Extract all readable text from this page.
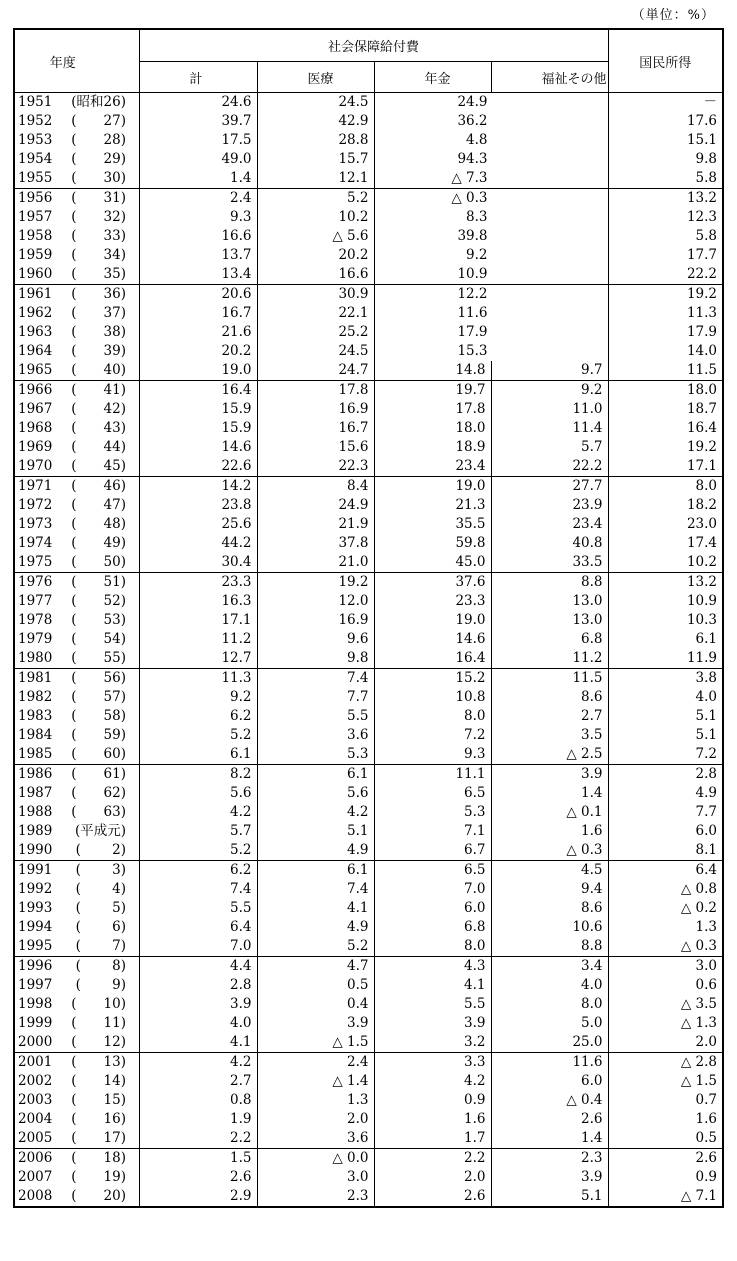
（単位：%）
年度	社会保障給付費				国民所得
	計	医療	年金	福祉その他	
1951 (昭和26)	24.6	24.5	24.9		－
1952 (　　27)	39.7	42.9	36.2		17.6
1953 (　　28)	17.5	28.8	4.8		15.1
1954 (　　29)	49.0	15.7	94.3		9.8
1955 (　　30)	1.4	12.1	△ 7.3		5.8
1956 (　　31)	2.4	5.2	△ 0.3		13.2
1957 (　　32)	9.3	10.2	8.3		12.3
1958 (　　33)	16.6	△ 5.6	39.8		5.8
1959 (　　34)	13.7	20.2	9.2		17.7
1960 (　　35)	13.4	16.6	10.9		22.2
1961 (　　36)	20.6	30.9	12.2		19.2
1962 (　　37)	16.7	22.1	11.6		11.3
1963 (　　38)	21.6	25.2	17.9		17.9
1964 (　　39)	20.2	24.5	15.3		14.0
1965 (　　40)	19.0	24.7	14.8	9.7	11.5
1966 (　　41)	16.4	17.8	19.7	9.2	18.0
1967 (　　42)	15.9	16.9	17.8	11.0	18.7
1968 (　　43)	15.9	16.7	18.0	11.4	16.4
1969 (　　44)	14.6	15.6	18.9	5.7	19.2
1970 (　　45)	22.6	22.3	23.4	22.2	17.1
1971 (　　46)	14.2	8.4	19.0	27.7	8.0
1972 (　　47)	23.8	24.9	21.3	23.9	18.2
1973 (　　48)	25.6	21.9	35.5	23.4	23.0
1974 (　　49)	44.2	37.8	59.8	40.8	17.4
1975 (　　50)	30.4	21.0	45.0	33.5	10.2
1976 (　　51)	23.3	19.2	37.6	8.8	13.2
1977 (　　52)	16.3	12.0	23.3	13.0	10.9
1978 (　　53)	17.1	16.9	19.0	13.0	10.3
1979 (　　54)	11.2	9.6	14.6	6.8	6.1
1980 (　　55)	12.7	9.8	16.4	11.2	11.9
1981 (　　56)	11.3	7.4	15.2	11.5	3.8
1982 (　　57)	9.2	7.7	10.8	8.6	4.0
1983 (　　58)	6.2	5.5	8.0	2.7	5.1
1984 (　　59)	5.2	3.6	7.2	3.5	5.1
1985 (　　60)	6.1	5.3	9.3	△ 2.5	7.2
1986 (　　61)	8.2	6.1	11.1	3.9	2.8
1987 (　　62)	5.6	5.6	6.5	1.4	4.9
1988 (　　63)	4.2	4.2	5.3	△ 0.1	7.7
1989 (平成元)	5.7	5.1	7.1	1.6	6.0
1990 (　　 2)	5.2	4.9	6.7	△ 0.3	8.1
1991 (　　 3)	6.2	6.1	6.5	4.5	6.4
1992 (　　 4)	7.4	7.4	7.0	9.4	△ 0.8
1993 (　　 5)	5.5	4.1	6.0	8.6	△ 0.2
1994 (　　 6)	6.4	4.9	6.8	10.6	1.3
1995 (　　 7)	7.0	5.2	8.0	8.8	△ 0.3
1996 (　　 8)	4.4	4.7	4.3	3.4	3.0
1997 (　　 9)	2.8	0.5	4.1	4.0	0.6
1998 (　　10)	3.9	0.4	5.5	8.0	△ 3.5
1999 (　　11)	4.0	3.9	3.9	5.0	△ 1.3
2000 (　　12)	4.1	△ 1.5	3.2	25.0	2.0
2001 (　　13)	4.2	2.4	3.3	11.6	△ 2.8
2002 (　　14)	2.7	△ 1.4	4.2	6.0	△ 1.5
2003 (　　15)	0.8	1.3	0.9	△ 0.4	0.7
2004 (　　16)	1.9	2.0	1.6	2.6	1.6
2005 (　　17)	2.2	3.6	1.7	1.4	0.5
2006 (　　18)	1.5	△ 0.0	2.2	2.3	2.6
2007 (　　19)	2.6	3.0	2.0	3.9	0.9
2008 (　　20)	2.9	2.3	2.6	5.1	△ 7.1
